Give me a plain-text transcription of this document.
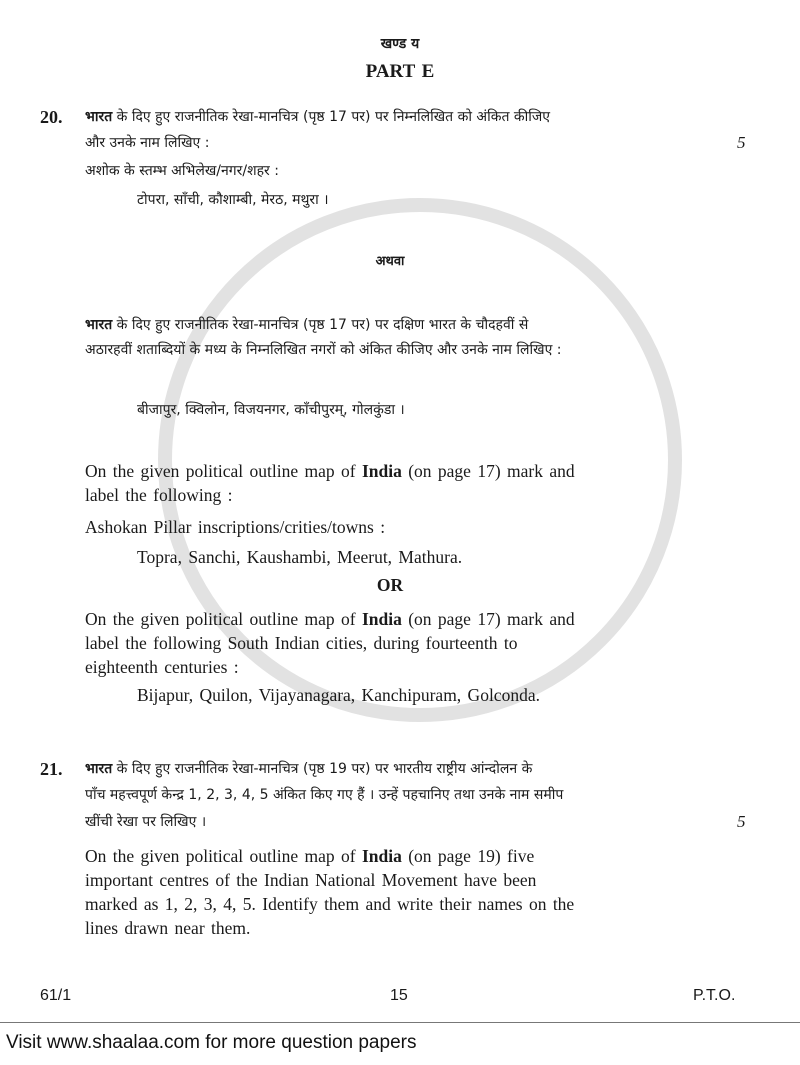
खण्ड य
PART E
20. भारत के दिए हुए राजनीतिक रेखा-मानचित्र (पृष्ठ 17 पर) पर निम्नलिखित को अंकित कीजिए
और उनके नाम लिखिए :	5
अशोक के स्तम्भ अभिलेख/नगर/शहर :
टोपरा, साँची, कौशाम्बी, मेरठ, मथुरा ।
अथवा
भारत के दिए हुए राजनीतिक रेखा-मानचित्र (पृष्ठ 17 पर) पर दक्षिण भारत के चौदहवीं से
अठारहवीं शताब्दियों के मध्य के निम्नलिखित नगरों को अंकित कीजिए और उनके नाम लिखिए :
बीजापुर, क्विलोन, विजयनगर, काँचीपुरम्, गोलकुंडा ।
On the given political outline map of India (on page 17) mark and
label the following :
Ashokan Pillar inscriptions/crities/towns :
Topra, Sanchi, Kaushambi, Meerut, Mathura.
OR
On the given political outline map of India (on page 17) mark and
label the following South Indian cities, during fourteenth to
eighteenth centuries :
Bijapur, Quilon, Vijayanagara, Kanchipuram, Golconda.
21. भारत के दिए हुए राजनीतिक रेखा-मानचित्र (पृष्ठ 19 पर) पर भारतीय राष्ट्रीय आंन्दोलन के
पाँच महत्त्वपूर्ण केन्द्र 1, 2, 3, 4, 5 अंकित किए गए हैं । उन्हें पहचानिए तथा उनके नाम समीप
खींची रेखा पर लिखिए ।	5
On the given political outline map of India (on page 19) five
important centres of the Indian National Movement have been
marked as 1, 2, 3, 4, 5. Identify them and write their names on the
lines drawn near them.
61/1	15	P.T.O.
Visit www.shaalaa.com for more question papers
